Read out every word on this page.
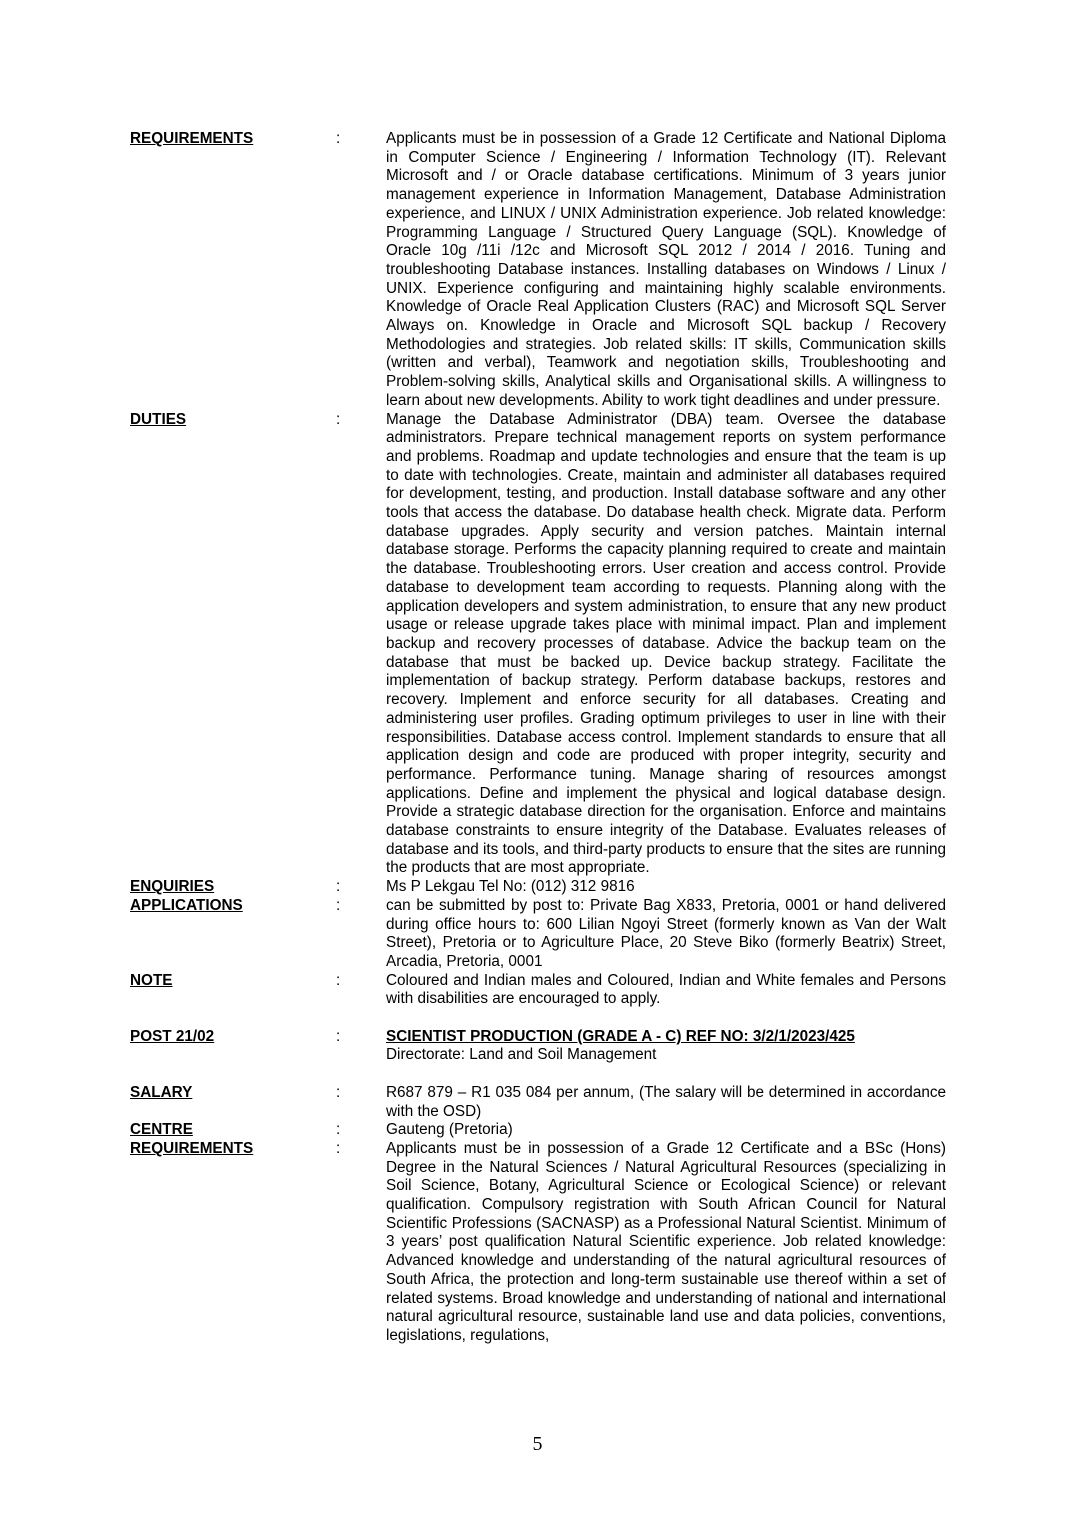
REQUIREMENTS	:	Applicants must be in possession of a Grade 12 Certificate and National Diploma in Computer Science / Engineering / Information Technology (IT). Relevant Microsoft and / or Oracle database certifications. Minimum of 3 years junior management experience in Information Management, Database Administration experience, and LINUX / UNIX Administration experience. Job related knowledge: Programming Language / Structured Query Language (SQL). Knowledge of Oracle 10g /11i /12c and Microsoft SQL 2012 / 2014 / 2016. Tuning and troubleshooting Database instances. Installing databases on Windows / Linux / UNIX. Experience configuring and maintaining highly scalable environments. Knowledge of Oracle Real Application Clusters (RAC) and Microsoft SQL Server Always on. Knowledge in Oracle and Microsoft SQL backup / Recovery Methodologies and strategies. Job related skills: IT skills, Communication skills (written and verbal), Teamwork and negotiation skills, Troubleshooting and Problem-solving skills, Analytical skills and Organisational skills. A willingness to learn about new developments. Ability to work tight deadlines and under pressure.
DUTIES	:	Manage the Database Administrator (DBA) team. Oversee the database administrators. Prepare technical management reports on system performance and problems. Roadmap and update technologies and ensure that the team is up to date with technologies. Create, maintain and administer all databases required for development, testing, and production. Install database software and any other tools that access the database. Do database health check. Migrate data. Perform database upgrades. Apply security and version patches. Maintain internal database storage. Performs the capacity planning required to create and maintain the database. Troubleshooting errors. User creation and access control. Provide database to development team according to requests. Planning along with the application developers and system administration, to ensure that any new product usage or release upgrade takes place with minimal impact. Plan and implement backup and recovery processes of database. Advice the backup team on the database that must be backed up. Device backup strategy. Facilitate the implementation of backup strategy. Perform database backups, restores and recovery. Implement and enforce security for all databases. Creating and administering user profiles. Grading optimum privileges to user in line with their responsibilities. Database access control. Implement standards to ensure that all application design and code are produced with proper integrity, security and performance. Performance tuning. Manage sharing of resources amongst applications. Define and implement the physical and logical database design. Provide a strategic database direction for the organisation. Enforce and maintains database constraints to ensure integrity of the Database. Evaluates releases of database and its tools, and third-party products to ensure that the sites are running the products that are most appropriate.
ENQUIRIES	:	Ms P Lekgau Tel No: (012) 312 9816
APPLICATIONS	:	can be submitted by post to: Private Bag X833, Pretoria, 0001 or hand delivered during office hours to: 600 Lilian Ngoyi Street (formerly known as Van der Walt Street), Pretoria or to Agriculture Place, 20 Steve Biko (formerly Beatrix) Street, Arcadia, Pretoria, 0001
NOTE	:	Coloured and Indian males and Coloured, Indian and White females and Persons with disabilities are encouraged to apply.
POST 21/02	:	SCIENTIST PRODUCTION (GRADE A - C) REF NO: 3/2/1/2023/425
Directorate: Land and Soil Management
SALARY	:	R687 879 – R1 035 084 per annum, (The salary will be determined in accordance with the OSD)
CENTRE	:	Gauteng (Pretoria)
REQUIREMENTS	:	Applicants must be in possession of a Grade 12 Certificate and a BSc (Hons) Degree in the Natural Sciences / Natural Agricultural Resources (specializing in Soil Science, Botany, Agricultural Science or Ecological Science) or relevant qualification. Compulsory registration with South African Council for Natural Scientific Professions (SACNASP) as a Professional Natural Scientist. Minimum of 3 years’ post qualification Natural Scientific experience. Job related knowledge: Advanced knowledge and understanding of the natural agricultural resources of South Africa, the protection and long-term sustainable use thereof within a set of related systems. Broad knowledge and understanding of national and international natural agricultural resource, sustainable land use and data policies, conventions, legislations, regulations,
5
